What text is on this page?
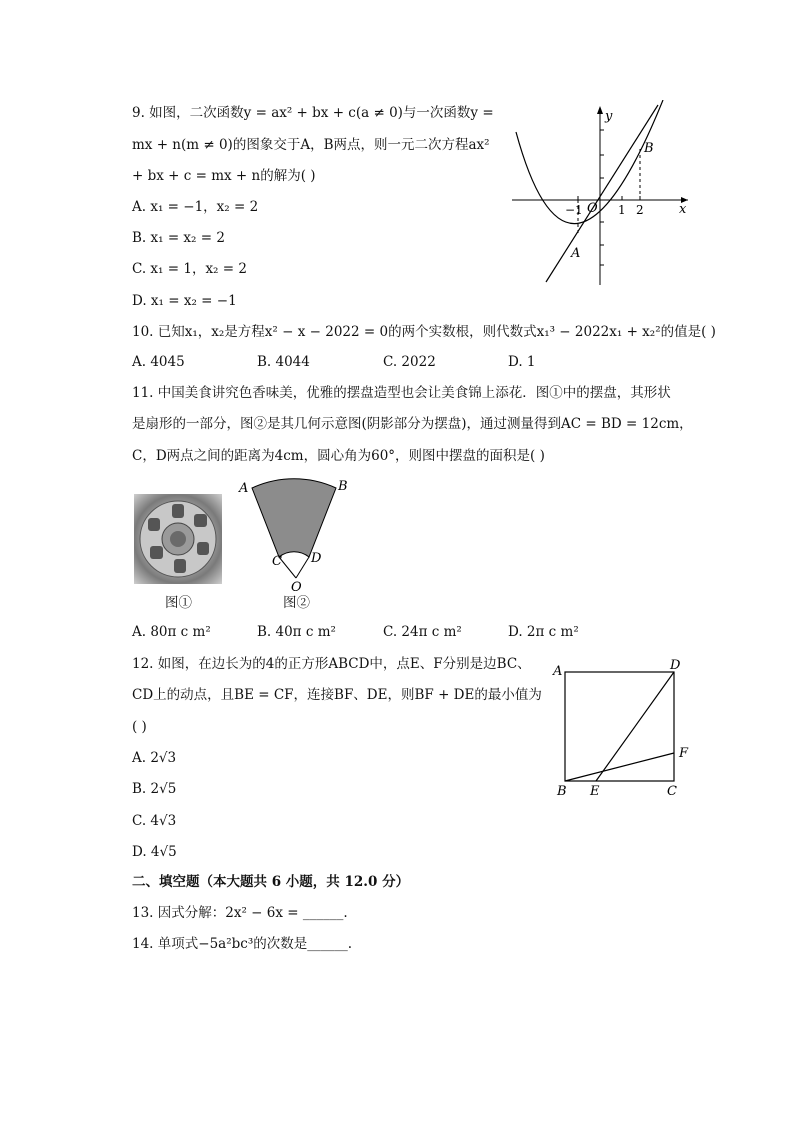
9. 如图，二次函数y = ax² + bx + c(a ≠ 0)与一次函数y =
mx + n(m ≠ 0)的图象交于A，B两点，则一元二次方程ax²
+ bx + c = mx + n的解为( )
A. x₁ = −1，x₂ = 2
B. x₁ = x₂ = 2
C. x₁ = 1，x₂ = 2
D. x₁ = x₂ = −1
y
x
O
−1	1 2
B
A
10. 已知x₁，x₂是方程x² − x − 2022 = 0的两个实数根，则代数式x₁³ − 2022x₁ + x₂²的值是( )
A. 4045	B. 4044	C. 2022	D. 1
11. 中国美食讲究色香味美，优雅的摆盘造型也会让美食锦上添花．图①中的摆盘，其形状
是扇形的一部分，图②是其几何示意图(阴影部分为摆盘)，通过测量得到AC = BD = 12cm，
C，D两点之间的距离为4cm，圆心角为60°，则图中摆盘的面积是( )
图①
A	B
C D
O
图②
A. 80π c m²	B. 40π c m²	C. 24π c m²	D. 2π c m²
12. 如图，在边长为的4的正方形ABCD中，点E、F分别是边BC、
CD上的动点，且BE = CF，连接BF、DE，则BF + DE的最小值为
( )
A. 2√3
B. 2√5
C. 4√3
D. 4√5
A	D
F
B E	C
二、填空题（本大题共 6 小题，共 12.0 分）
13. 因式分解：2x² − 6x = ______.
14. 单项式−5a²bc³的次数是______.
